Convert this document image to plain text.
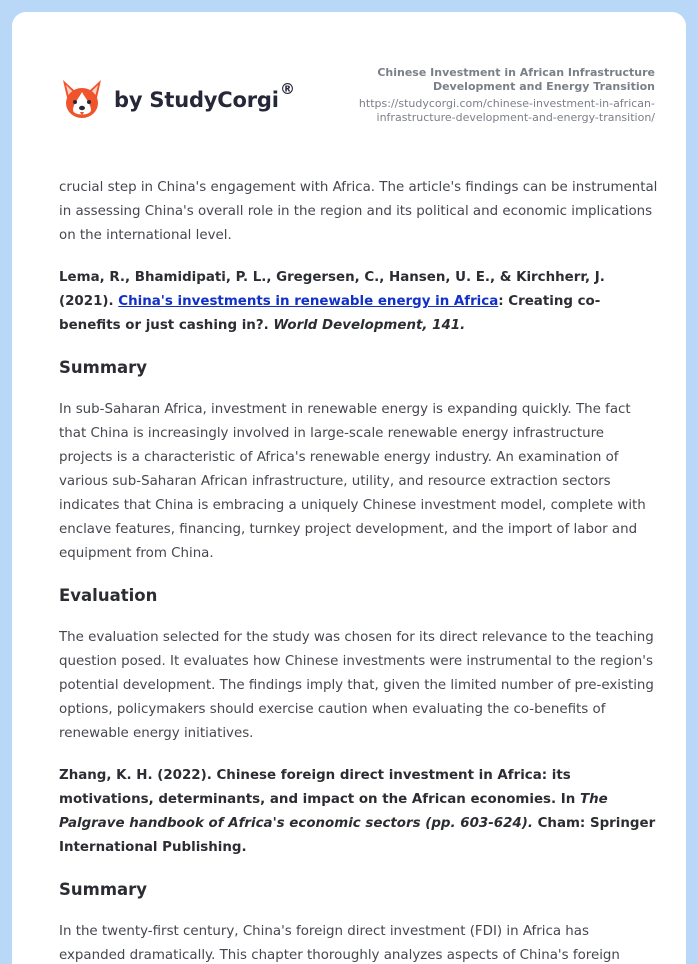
by StudyCorgi ®
Chinese Investment in African Infrastructure
Development and Energy Transition
https://studycorgi.com/chinese-investment-in-african-
infrastructure-development-and-energy-transition/

crucial step in China's engagement with Africa. The article's findings can be instrumental in assessing China's overall role in the region and its political and economic implications on the international level.

Lema, R., Bhamidipati, P. L., Gregersen, C., Hansen, U. E., & Kirchherr, J. (2021). China's investments in renewable energy in Africa: Creating co-benefits or just cashing in?. World Development, 141.

Summary

In sub-Saharan Africa, investment in renewable energy is expanding quickly. The fact that China is increasingly involved in large-scale renewable energy infrastructure projects is a characteristic of Africa's renewable energy industry. An examination of various sub-Saharan African infrastructure, utility, and resource extraction sectors indicates that China is embracing a uniquely Chinese investment model, complete with enclave features, financing, turnkey project development, and the import of labor and equipment from China.

Evaluation

The evaluation selected for the study was chosen for its direct relevance to the teaching question posed. It evaluates how Chinese investments were instrumental to the region's potential development. The findings imply that, given the limited number of pre-existing options, policymakers should exercise caution when evaluating the co-benefits of renewable energy initiatives.

Zhang, K. H. (2022). Chinese foreign direct investment in Africa: its motivations, determinants, and impact on the African economies. In The Palgrave handbook of Africa's economic sectors (pp. 603-624). Cham: Springer International Publishing.

Summary

In the twenty-first century, China's foreign direct investment (FDI) in Africa has expanded dramatically. This chapter thoroughly analyzes aspects of China's foreign
